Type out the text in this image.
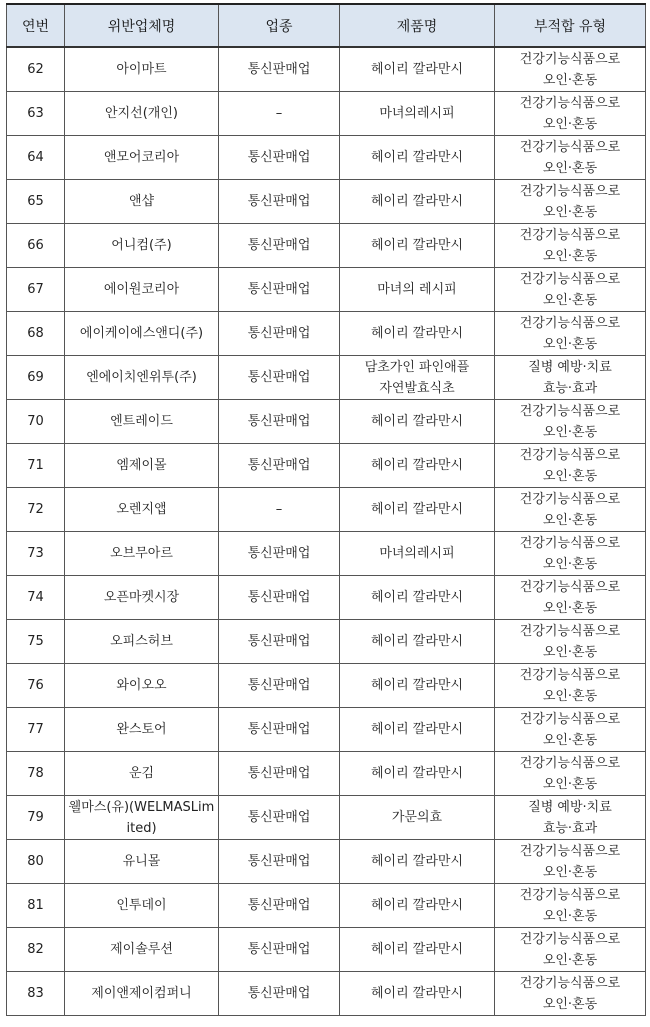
연번	위반업체명	업종	제품명	부적합 유형
62	아이마트	통신판매업	헤이리 깔라만시	건강기능식품으로
오인·혼동

63	안지선(개인)	–	마녀의레시피	건강기능식품으로
오인·혼동

64	앤모어코리아	통신판매업	헤이리 깔라만시	건강기능식품으로
오인·혼동

65	앤샵	통신판매업	헤이리 깔라만시	건강기능식품으로
오인·혼동

66	어니컴(주)	통신판매업	헤이리 깔라만시	건강기능식품으로
오인·혼동

67	에이원코리아	통신판매업	마녀의 레시피	건강기능식품으로
오인·혼동

68	에이케이에스앤디(주)	통신판매업	헤이리 깔라만시	건강기능식품으로
오인·혼동

69	엔에이치엔위투(주)	통신판매업	담초가인 파인애플
자연발효식초	질병 예방·치료
효능·효과

70	엔트레이드	통신판매업	헤이리 깔라만시	건강기능식품으로
오인·혼동

71	엠제이몰	통신판매업	헤이리 깔라만시	건강기능식품으로
오인·혼동

72	오렌지앱	–	헤이리 깔라만시	건강기능식품으로
오인·혼동

73	오브무아르	통신판매업	마녀의레시피	건강기능식품으로
오인·혼동

74	오픈마켓시장	통신판매업	헤이리 깔라만시	건강기능식품으로
오인·혼동

75	오피스허브	통신판매업	헤이리 깔라만시	건강기능식품으로
오인·혼동

76	와이오오	통신판매업	헤이리 깔라만시	건강기능식품으로
오인·혼동

77	완스토어	통신판매업	헤이리 깔라만시	건강기능식품으로
오인·혼동

78	운김	통신판매업	헤이리 깔라만시	건강기능식품으로
오인·혼동

79	웰마스(유)(WELMASLim
ited)	통신판매업	가문의효	질병 예방·치료
효능·효과

80	유니몰	통신판매업	헤이리 깔라만시	건강기능식품으로
오인·혼동

81	인투데이	통신판매업	헤이리 깔라만시	건강기능식품으로
오인·혼동

82	제이솔루션	통신판매업	헤이리 깔라만시	건강기능식품으로
오인·혼동

83	제이앤제이컴퍼니	통신판매업	헤이리 깔라만시	건강기능식품으로
오인·혼동
